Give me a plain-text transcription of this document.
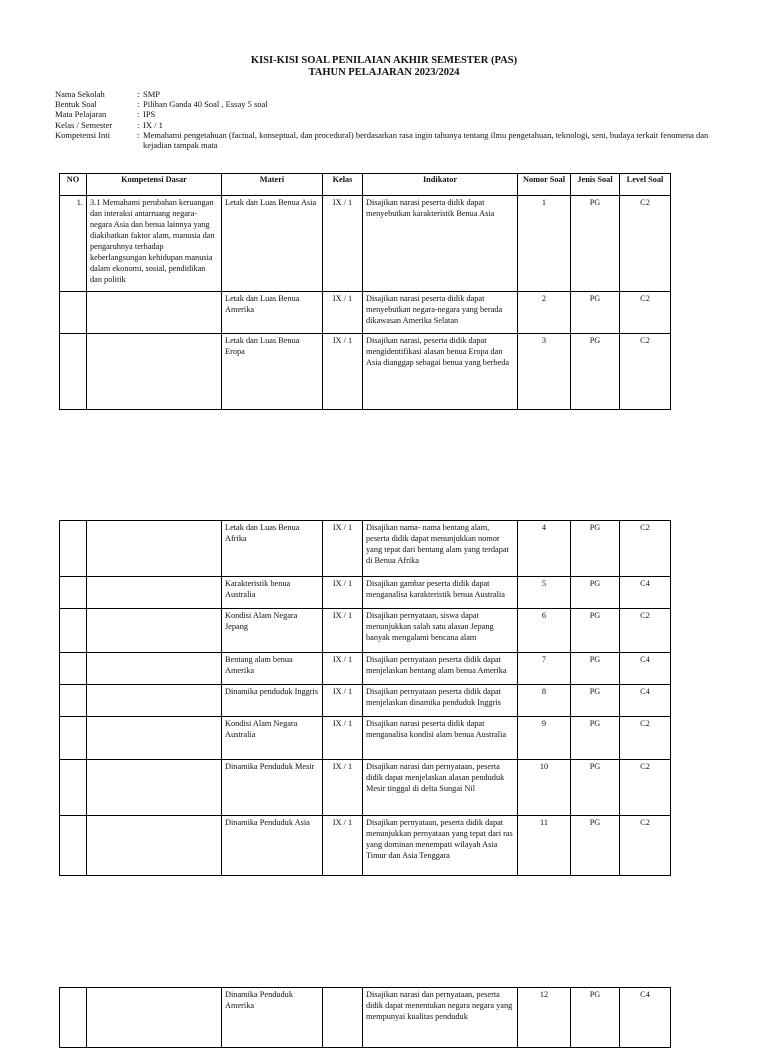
KISI-KISI SOAL PENILAIAN AKHIR SEMESTER (PAS)
TAHUN PELAJARAN 2023/2024
Nama Sekolah	: SMP
Bentuk Soal	: Pilihan Ganda 40 Soal , Essay 5 soal
Mata Pelajaran	: IPS
Kelas / Semester	: IX / 1
Kompetensi Inti	: Memahami pengetahuan (factual, konseptual, dan procedural) berdasarkan rasa ingin tahunya tentang ilmu pengetahuan, teknologi, seni, budaya terkait fenomena dan kejadian tampak mata
NO	Kompetensi Dasar	Materi	Kelas	Indikator	Nomor Soal	Jenis Soal	Level Soal
1.	3.1 Memahami perubahan keruangan dan interaksi antarruang negara-negara Asia dan benua lainnya yang diakibatkan faktor alam, manusia dan pengaruhnya terhadap keberlangsungan kehidupan manusia dalam ekonomi, sosial, pendidikan dan politik	Letak dan Luas Benua Asia	IX / 1	Disajikan narasi peserta didik dapat menyebutkan karakteristik Benua Asia	1	PG	C2
		Letak dan Luas Benua Amerika	IX / 1	Disajikan narasi peserta didik dapat menyebutkan negara-negara yang berada dikawasan Amerika Selatan	2	PG	C2
		Letak dan Luas Benua Eropa	IX / 1	Disajikan narasi, peserta didik dapat mengidentifikasi alasan benua Eropa dan Asia dianggap sebagai benua yang berbeda	3	PG	C2
		Letak dan Luas Benua Afrika	IX / 1	Disajikan nama- nama bentang alam, peserta didik dapat menunjukkan nomor yang tepat dari bentang alam yang terdapat di Benua Afrika	4	PG	C2
		Karakteristik benua Australia	IX / 1	Disajikan gambar peserta didik dapat menganalisa karakteristik benua Australia	5	PG	C4
		Kondisi Alam Negara Jepang	IX / 1	Disajikan pernyataan, siswa dapat menunjukkan salah satu alasan Jepang banyak mengalami bencana alam	6	PG	C2
		Bentang alam benua Amerika	IX / 1	Disajikan pernyataan peserta didik dapat menjelaskan bentang alam benua Amerika	7	PG	C4
		Dinamika penduduk Inggris	IX / 1	Disajikan pernyataan peserta didik dapat menjelaskan dinamika penduduk Inggris	8	PG	C4
		Kondisi Alam Negara Australia	IX / 1	Disajikan narasi peserta didik dapat menganalisa kondisi alam benua Australia	9	PG	C2
		Dinamika Penduduk Mesir	IX / 1	Disajikan narasi dan pernyataan, peserta didik dapat menjelaskan alasan penduduk Mesir tinggal di delta Sungai Nil	10	PG	C2
		Dinamika Penduduk Asia	IX / 1	Disajikan pernyataan, peserta didik dapat menunjukkan pernyataan yang tepat dari ras yang dominan menempati wilayah Asia Timur dan Asia Tenggara	11	PG	C2
		Dinamika Penduduk Amerika		Disajikan narasi dan pernyataan, peserta didik dapat menentukan negara negara yang mempunyai kualitas penduduk	12	PG	C4
